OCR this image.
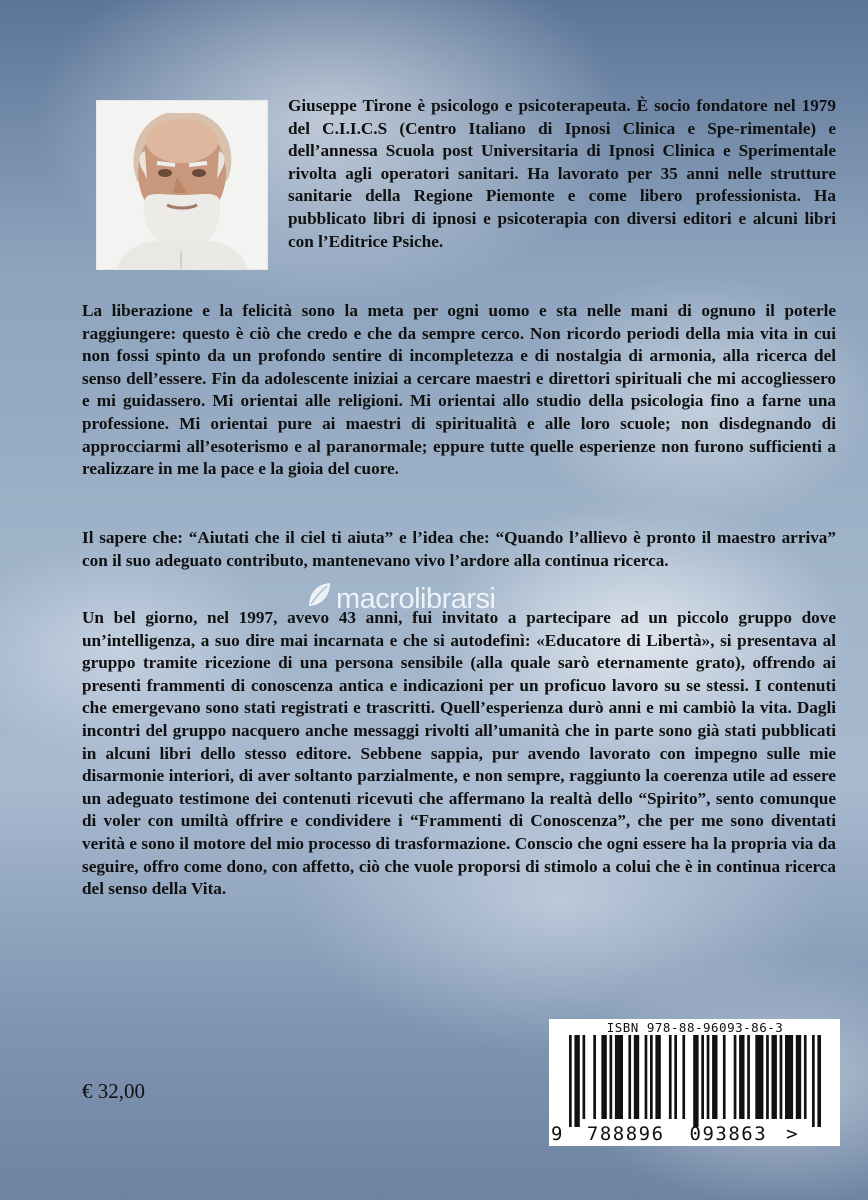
Giuseppe Tirone è psicologo e psicoterapeuta. È socio fondatore nel 1979 del C.I.I.C.S (Centro Italiano di Ipnosi Clinica e Spe-rimentale) e dell’annessa Scuola post Universitaria di Ipnosi Clinica e Sperimentale rivolta agli operatori sanitari. Ha lavorato per 35 anni nelle strutture sanitarie della Regione Piemonte e come libero professionista. Ha pubblicato libri di ipnosi e psicoterapia con diversi editori e alcuni libri con l’Editrice Psiche.

La liberazione e la felicità sono la meta per ogni uomo e sta nelle mani di ognuno il poterle raggiungere: questo è ciò che credo e che da sempre cerco. Non ricordo periodi della mia vita in cui non fossi spinto da un profondo sentire di incompletezza e di nostalgia di armonia, alla ricerca del senso dell’essere. Fin da adolescente iniziai a cercare maestri e direttori spirituali che mi accogliessero e mi guidassero. Mi orientai alle religioni. Mi orientai allo studio della psicologia fino a farne una professione. Mi orientai pure ai maestri di spiritualità e alle loro scuole; non disdegnando di approcciarmi all’esoterismo e al paranormale; eppure tutte quelle esperienze non furono sufficienti a realizzare in me la pace e la gioia del cuore.

Il sapere che: “Aiutati che il ciel ti aiuta” e l’idea che: “Quando l’allievo è pronto il maestro arriva” con il suo adeguato contributo, mantenevano vivo l’ardore alla continua ricerca.

macrolibrarsi

Un bel giorno, nel 1997, avevo 43 anni, fui invitato a partecipare ad un piccolo gruppo dove un’intelligenza, a suo dire mai incarnata e che si autodefinì: «Educatore di Libertà», si presentava al gruppo tramite ricezione di una persona sensibile (alla quale sarò eternamente grato), offrendo ai presenti frammenti di conoscenza antica e indicazioni per un proficuo lavoro su se stessi. I contenuti che emergevano sono stati registrati e trascritti. Quell’esperienza durò anni e mi cambiò la vita. Dagli incontri del gruppo nacquero anche messaggi rivolti all’umanità che in parte sono già stati pubblicati in alcuni libri dello stesso editore. Sebbene sappia, pur avendo lavorato con impegno sulle mie disarmonie interiori, di aver soltanto parzialmente, e non sempre, raggiunto la coerenza utile ad essere un adeguato testimone dei contenuti ricevuti che affermano la realtà dello “Spirito”, sento comunque di voler con umiltà offrire e condividere i “Frammenti di Conoscenza”, che per me sono diventati verità e sono il motore del mio processo di trasformazione. Conscio che ogni essere ha la propria via da seguire, offro come dono, con affetto, ciò che vuole proporsi di stimolo a colui che è in continua ricerca del senso della Vita.

€ 32,00

ISBN 978-88-96093-86-3
9 788896 093863 >
